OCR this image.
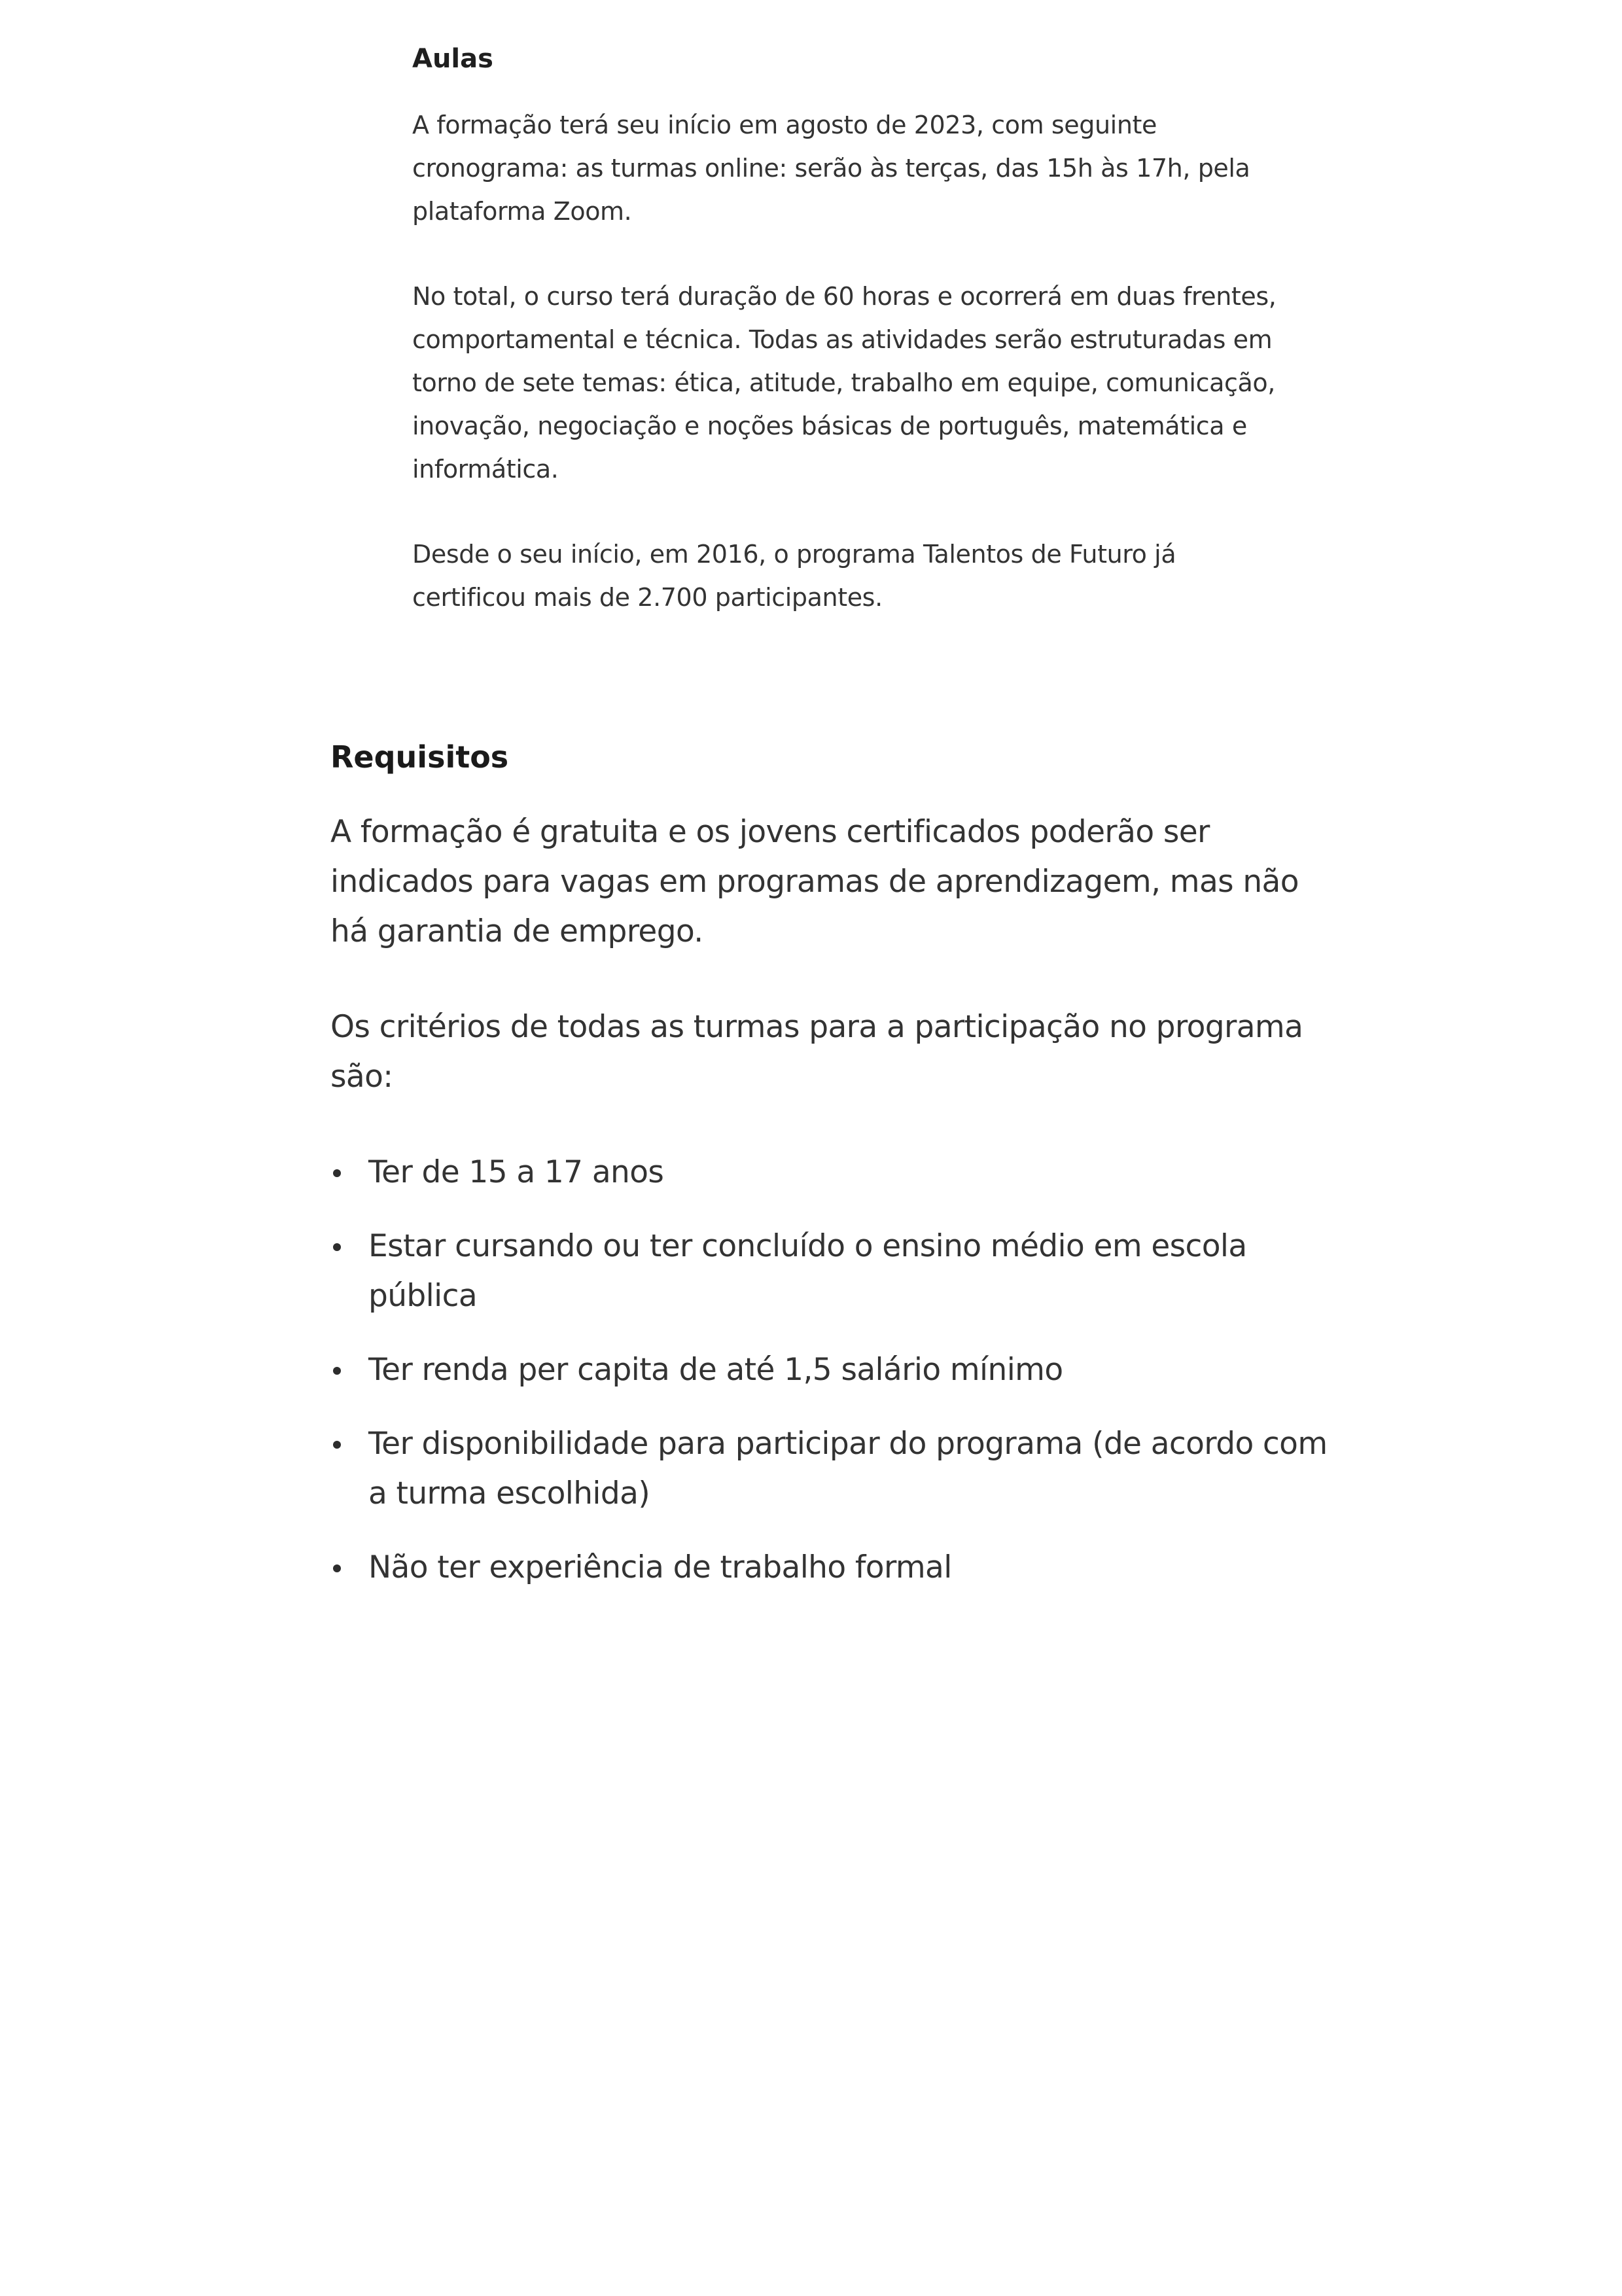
Aulas

A formação terá seu início em agosto de 2023, com seguinte cronograma: as turmas online: serão às terças, das 15h às 17h, pela plataforma Zoom.

No total, o curso terá duração de 60 horas e ocorrerá em duas frentes, comportamental e técnica. Todas as atividades serão estruturadas em torno de sete temas: ética, atitude, trabalho em equipe, comunicação, inovação, negociação e noções básicas de português, matemática e informática.

Desde o seu início, em 2016, o programa Talentos de Futuro já certificou mais de 2.700 participantes.

Requisitos

A formação é gratuita e os jovens certificados poderão ser indicados para vagas em programas de aprendizagem, mas não há garantia de emprego.

Os critérios de todas as turmas para a participação no programa são:

Ter de 15 a 17 anos
Estar cursando ou ter concluído o ensino médio em escola pública
Ter renda per capita de até 1,5 salário mínimo
Ter disponibilidade para participar do programa (de acordo com a turma escolhida)
Não ter experiência de trabalho formal
